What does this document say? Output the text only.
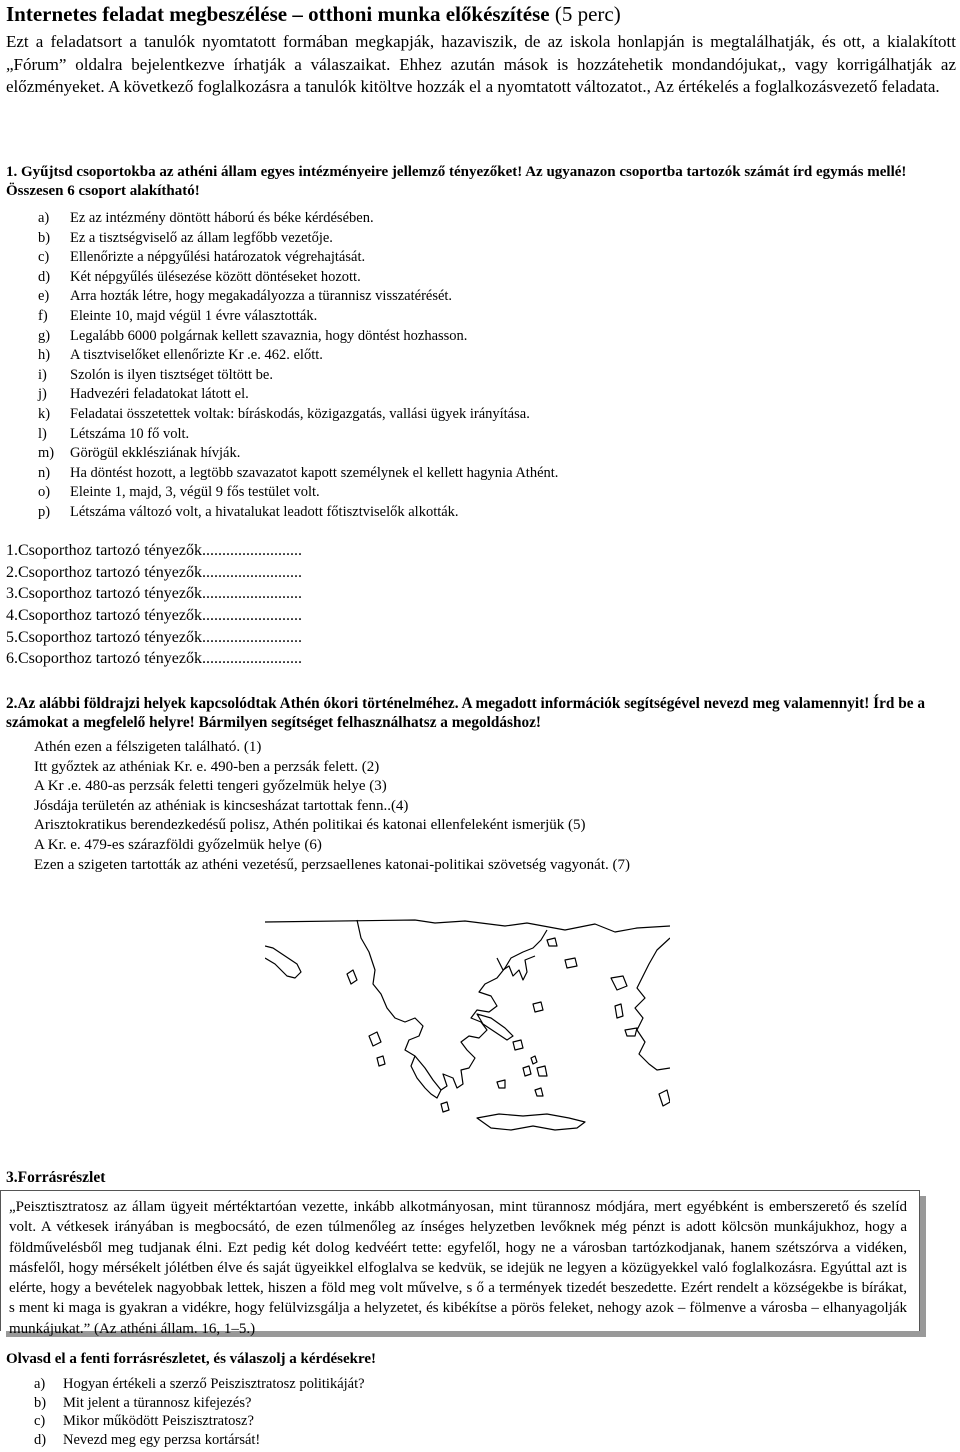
Internetes feladat megbeszélése – otthoni munka előkészítése (5 perc)
Ezt a feladatsort a tanulók nyomtatott formában megkapják, hazaviszik, de az iskola honlapján is megtalálhatják, és ott, a kialakított „Fórum” oldalra bejelentkezve írhatják a válaszaikat. Ehhez azután mások is hozzátehetik mondandójukat,, vagy korrigálhatják az előzményeket. A következő foglalkozásra a tanulók kitöltve hozzák el a nyomtatott változatot., Az értékelés a foglalkozásvezető feladata.
1. Gyűjtsd csoportokba az athéni állam egyes intézményeire jellemző tényezőket! Az ugyanazon csoportba tartozók számát írd egymás mellé! Összesen 6 csoport alakítható!
a) Ez az intézmény döntött háború és béke kérdésében.
b) Ez a tisztségviselő az állam legfőbb vezetője.
c) Ellenőrizte a népgyűlési határozatok végrehajtását.
d) Két népgyűlés ülésezése között döntéseket hozott.
e) Arra hozták létre, hogy megakadályozza a türannisz visszatérését.
f) Eleinte 10, majd végül 1 évre választották.
g) Legalább 6000 polgárnak kellett szavaznia, hogy döntést hozhasson.
h) A tisztviselőket ellenőrizte Kr .e. 462. előtt.
i) Szolón is ilyen tisztséget töltött be.
j) Hadvezéri feladatokat látott el.
k) Feladatai összetettek voltak: bíráskodás, közigazgatás, vallási ügyek irányítása.
l) Létszáma 10 fő volt.
m) Görögül ekklésziának hívják.
n) Ha döntést hozott, a legtöbb szavazatot kapott személynek el kellett hagynia Athént.
o) Eleinte 1, majd, 3, végül 9 fős testület volt.
p) Létszáma változó volt, a hivatalukat leadott főtisztviselők alkották.
1.Csoporthoz tartozó tényezők.........................
2.Csoporthoz tartozó tényezők.........................
3.Csoporthoz tartozó tényezők.........................
4.Csoporthoz tartozó tényezők.........................
5.Csoporthoz tartozó tényezők.........................
6.Csoporthoz tartozó tényezők.........................
2.Az alábbi földrajzi helyek kapcsolódtak Athén ókori történelméhez. A megadott információk segítségével nevezd meg valamennyit! Írd be a számokat a megfelelő helyre! Bármilyen segítséget felhasználhatsz a megoldáshoz!
Athén ezen a félszigeten található. (1)
Itt győztek az athéniak Kr. e. 490-ben a perzsák felett. (2)
A Kr .e. 480-as perzsák feletti tengeri győzelmük helye (3)
Jósdája területén az athéniak is kincsesházat tartottak fenn..(4)
Arisztokratikus berendezkedésű polisz, Athén politikai és katonai ellenfeleként ismerjük (5)
A Kr. e. 479-es szárazföldi győzelmük helye (6)
Ezen a szigeten tartották az athéni vezetésű, perzsaellenes katonai-politikai szövetség vagyonát. (7)
3.Forrásrészlet
„Peisztisztratosz az állam ügyeit mértéktartóan vezette, inkább alkotmányosan, mint türannosz módjára, mert egyébként is emberszerető és szelíd volt. A vétkesek irányában is megbocsátó, de ezen túlmenőleg az ínséges helyzetben levőknek még pénzt is adott kölcsön munkájukhoz, hogy a földművelésből meg tudjanak élni. Ezt pedig két dolog kedvéért tette: egyfelől, hogy ne a városban tartózkodjanak, hanem szétszórva a vidéken, másfelől, hogy mérsékelt jólétben élve és saját ügyeikkel elfoglalva se kedvük, se idejük ne legyen a közügyekkel való foglalkozásra. Egyúttal azt is elérte, hogy a bevételek nagyobbak lettek, hiszen a föld meg volt művelve, s ő a termények tizedét beszedette. Ezért rendelt a községekbe is bírákat, s ment ki maga is gyakran a vidékre, hogy felülvizsgálja a helyzetet, és kibékítse a pörös feleket, nehogy azok – fölmenve a városba – elhanyagolják munkájukat.” (Az athéni állam. 16, 1–5.)
Olvasd el a fenti forrásrészletet, és válaszolj a kérdésekre!
a) Hogyan értékeli a szerző Peiszisztratosz politikáját?
b) Mit jelent a türannosz kifejezés?
c) Mikor működött Peiszisztratosz?
d) Nevezd meg egy perzsa kortársát!
